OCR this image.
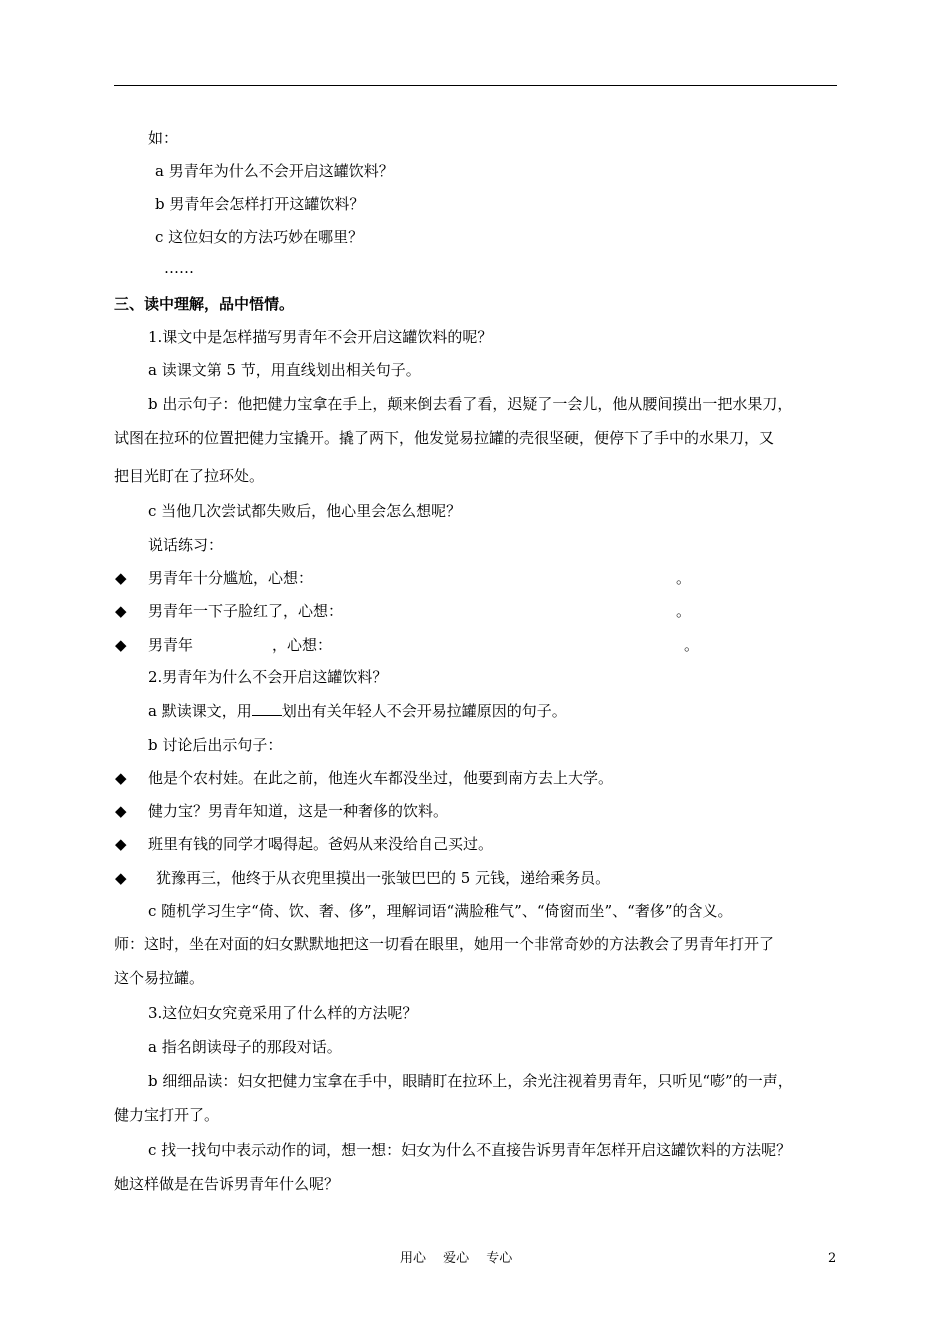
如：
a 男青年为什么不会开启这罐饮料？
b 男青年会怎样打开这罐饮料？
c 这位妇女的方法巧妙在哪里？
……
三、读中理解，品中悟情。
1.课文中是怎样描写男青年不会开启这罐饮料的呢？
a 读课文第 5 节，用直线划出相关句子。
b 出示句子：他把健力宝拿在手上，颠来倒去看了看，迟疑了一会儿，他从腰间摸出一把水果刀，
试图在拉环的位置把健力宝撬开。撬了两下，他发觉易拉罐的壳很坚硬，便停下了手中的水果刀，又
把目光盯在了拉环处。
c 当他几次尝试都失败后，他心里会怎么想呢？
说话练习：
◆ 男青年十分尴尬，心想：	。
◆ 男青年一下子脸红了，心想：	。
◆ 男青年	，心想：	。
2.男青年为什么不会开启这罐饮料？
a 默读课文，用 划出有关年轻人不会开易拉罐原因的句子。
b 讨论后出示句子：
◆ 他是个农村娃。在此之前，他连火车都没坐过，他要到南方去上大学。
◆ 健力宝？男青年知道，这是一种奢侈的饮料。
◆ 班里有钱的同学才喝得起。爸妈从来没给自己买过。
◆ 犹豫再三，他终于从衣兜里摸出一张皱巴巴的 5 元钱，递给乘务员。
c 随机学习生字“倚、饮、奢、侈”，理解词语“满脸稚气”、“倚窗而坐”、“奢侈”的含义。
师：这时，坐在对面的妇女默默地把这一切看在眼里，她用一个非常奇妙的方法教会了男青年打开了
这个易拉罐。
3.这位妇女究竟采用了什么样的方法呢？
a 指名朗读母子的那段对话。
b 细细品读：妇女把健力宝拿在手中，眼睛盯在拉环上，余光注视着男青年，只听见“嘭”的一声，
健力宝打开了。
c 找一找句中表示动作的词，想一想：妇女为什么不直接告诉男青年怎样开启这罐饮料的方法呢？
她这样做是在告诉男青年什么呢？
用心　 爱心　 专心	2
